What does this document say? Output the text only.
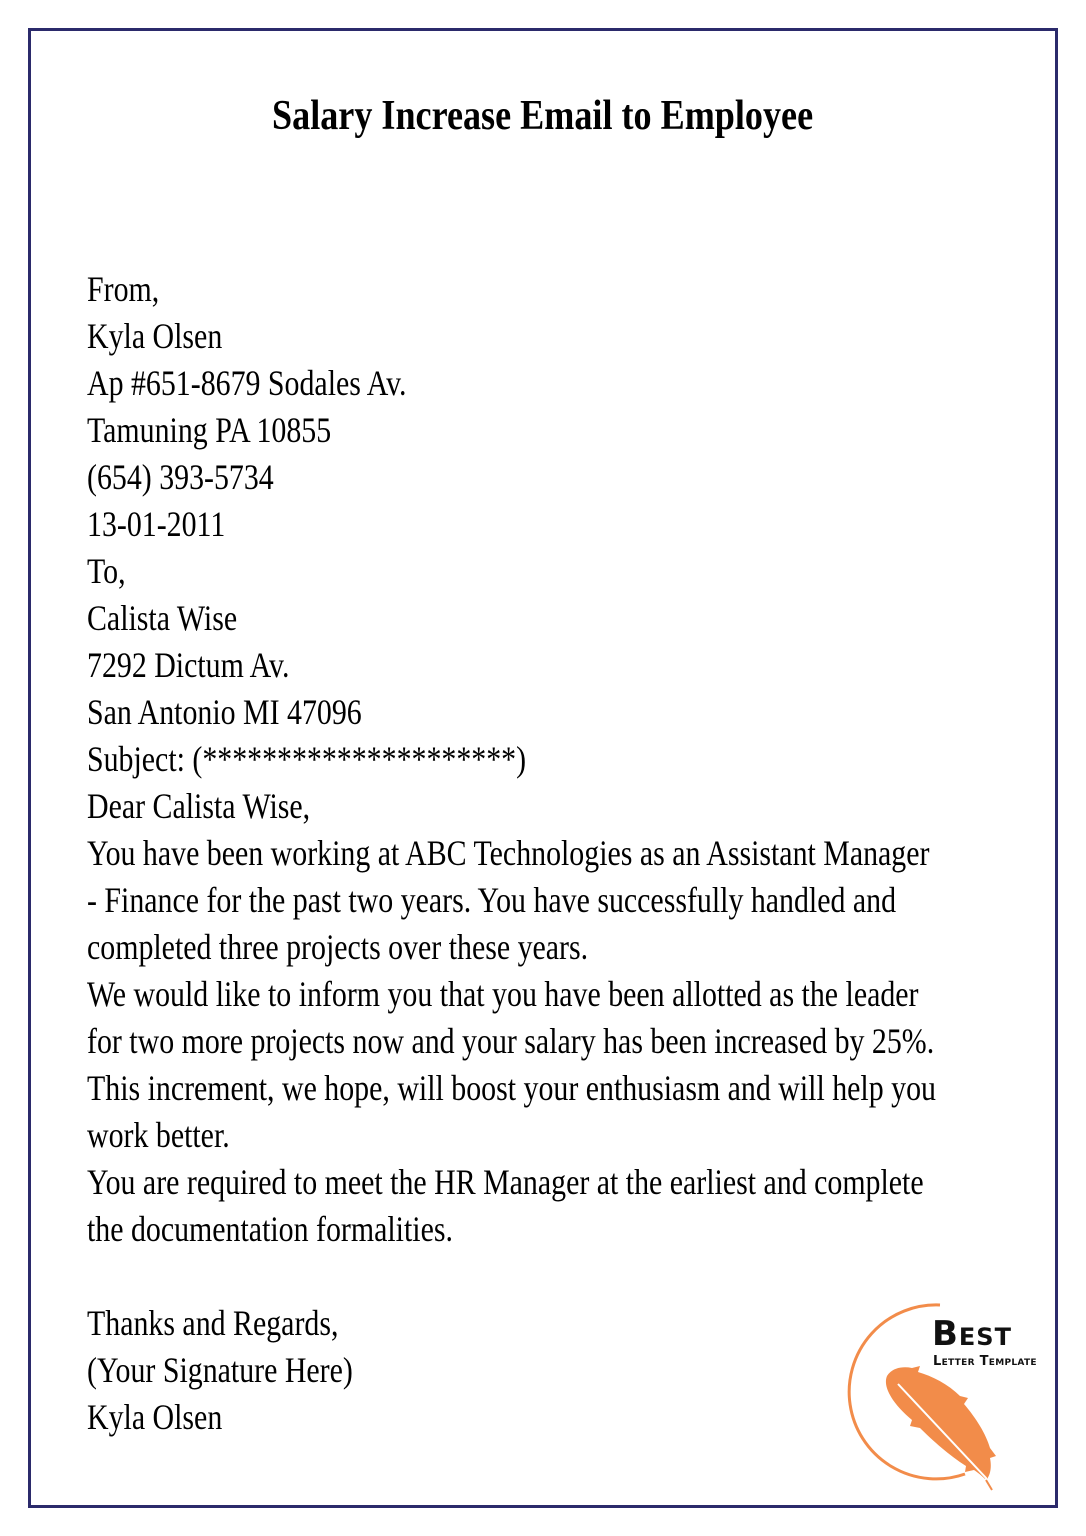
Salary Increase Email to Employee
From,
Kyla Olsen
Ap #651-8679 Sodales Av.
Tamuning PA 10855
(654) 393-5734
13-01-2011
To,
Calista Wise
7292 Dictum Av.
San Antonio MI 47096
Subject: (*********************)
Dear Calista Wise,
You have been working at ABC Technologies as an Assistant Manager
- Finance for the past two years. You have successfully handled and
completed three projects over these years.
We would like to inform you that you have been allotted as the leader
for two more projects now and your salary has been increased by 25%.
This increment, we hope, will boost your enthusiasm and will help you
work better.
You are required to meet the HR Manager at the earliest and complete
the documentation formalities.
Thanks and Regards,
(Your Signature Here)
Kyla Olsen
Best
Letter Template
